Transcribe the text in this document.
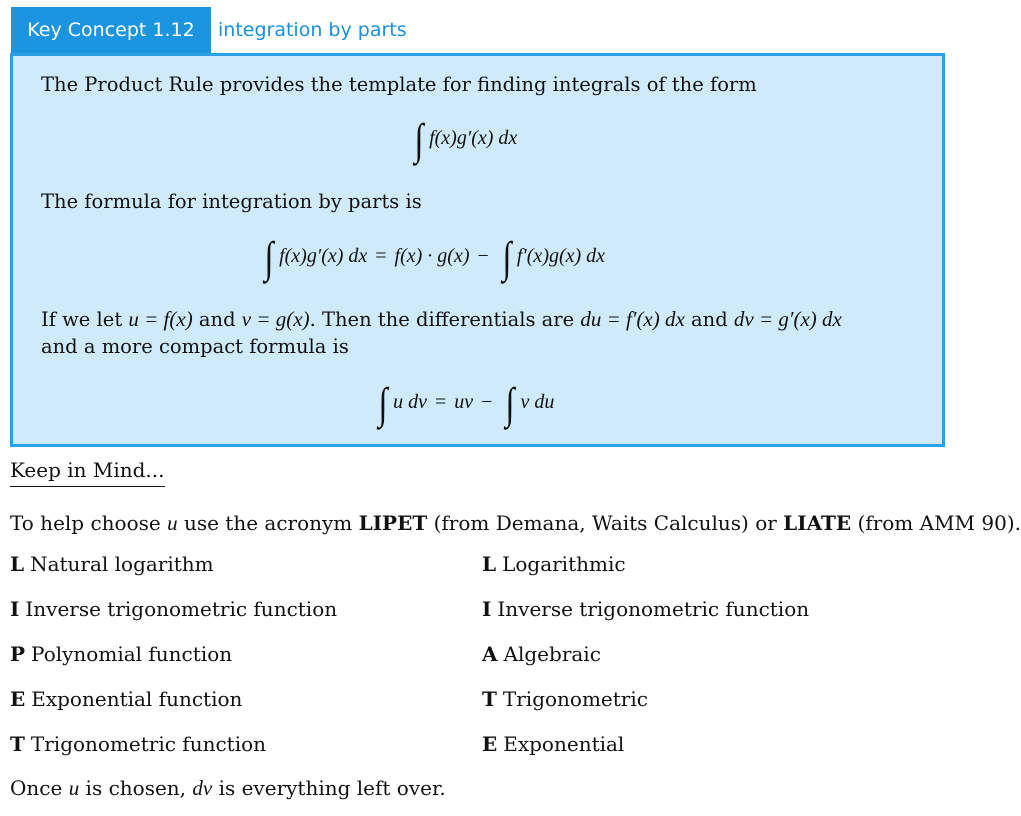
Key Concept 1.12	integration by parts
The Product Rule provides the template for finding integrals of the form
∫ f(x)g′(x) dx
The formula for integration by parts is
∫ f(x)g′(x) dx = f(x) · g(x) − ∫ f′(x)g(x) dx
If we let u = f(x) and v = g(x). Then the differentials are du = f′(x) dx and dv = g′(x) dx
and a more compact formula is
∫ u dv = uv − ∫ v du
Keep in Mind...
To help choose u use the acronym LIPET (from Demana, Waits Calculus) or LIATE (from AMM 90).
L Natural logarithm
I Inverse trigonometric function
P Polynomial function
E Exponential function
T Trigonometric function
L Logarithmic
I Inverse trigonometric function
A Algebraic
T Trigonometric
E Exponential
Once u is chosen, dv is everything left over.
